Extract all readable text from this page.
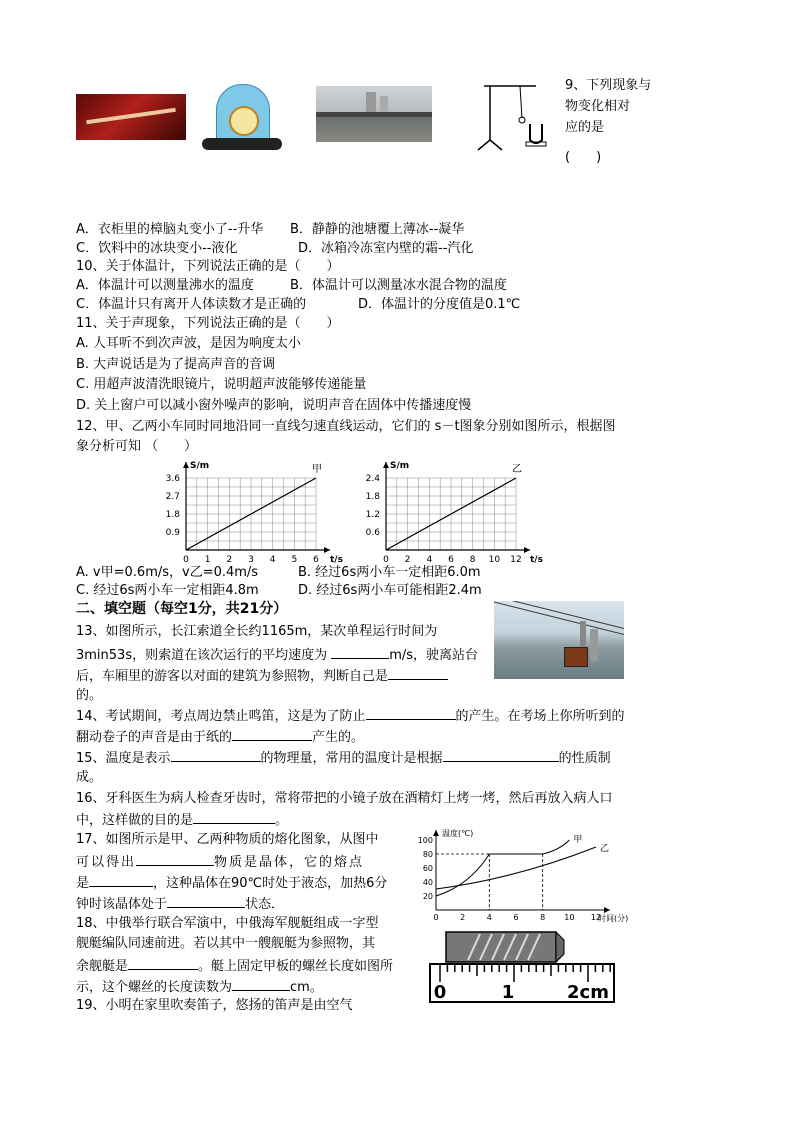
9、下列现象与
物变化相对
应的是
(　　)
A．衣柜里的樟脑丸变小了--升华 B．静静的池塘覆上薄冰--凝华
C．饮料中的冰块变小--液化	D．冰箱冷冻室内壁的霜--汽化
10、关于体温计，下列说法正确的是（　　）
A．体温计可以测量沸水的温度	B．体温计可以测量冰水混合物的温度
C．体温计只有离开人体读数才是正确的	D．体温计的分度值是0.1℃
11、关于声现象，下列说法正确的是（　　）
A. 人耳听不到次声波，是因为响度太小
B. 大声说话是为了提高声音的音调
C. 用超声波清洗眼镜片，说明超声波能够传递能量
D. 关上窗户可以减小窗外噪声的影响，说明声音在固体中传播速度慢
12、甲、乙两小车同时同地沿同一直线匀速直线运动，它们的 s－t图象分别如图所示，根据图
象分析可知 （　　）
S/m
t/s
0 1 2 3 4 5 6
0.9
1.8
2.7
3.6
甲	S/m
t/s
0 2 4 6 8 10 12
0.6
1.2
1.8
2.4
乙
A. v甲=0.6m/s，v乙=0.4m/s	B. 经过6s两小车一定相距6.0m
C. 经过6s两小车一定相距4.8m	D. 经过6s两小车可能相距2.4m
二、填空题（每空1分，共21分）
13、如图所示，长江索道全长约1165m，某次单程运行时间为
3min53s，则索道在该次运行的平均速度为	m/s，驶离站台
后，车厢里的游客以对面的建筑为参照物，判断自己是
的。
14、考试期间，考点周边禁止鸣笛，这是为了防止	的产生。在考场上你所听到的
翻动卷子的声音是由于纸的	产生的。
15、温度是表示	的物理量，常用的温度计是根据	的性质制
成。
16、牙科医生为病人检查牙齿时，常将带把的小镜子放在酒精灯上烤一烤，然后再放入病人口
中，这样做的目的是	。
17、如图所示是甲、乙两种物质的熔化图象，从图中
可以得出	物质是晶体，它的熔点
是	，这种晶体在90℃时处于液态，加热6分
钟时该晶体处于	状态．
温度(℃)
时间(分)
0	2	4	6	8 10 12
20
40
60
80
100	甲
乙
18、中俄举行联合军演中，中俄海军舰艇组成一字型
舰艇编队同速前进。若以其中一艘舰艇为参照物，其
余舰艇是	。艇上固定甲板的螺丝长度如图所
示，这个螺丝的长度读数为	cm。	0	1	2cm
19、小明在家里吹奏笛子，悠扬的笛声是由空气
